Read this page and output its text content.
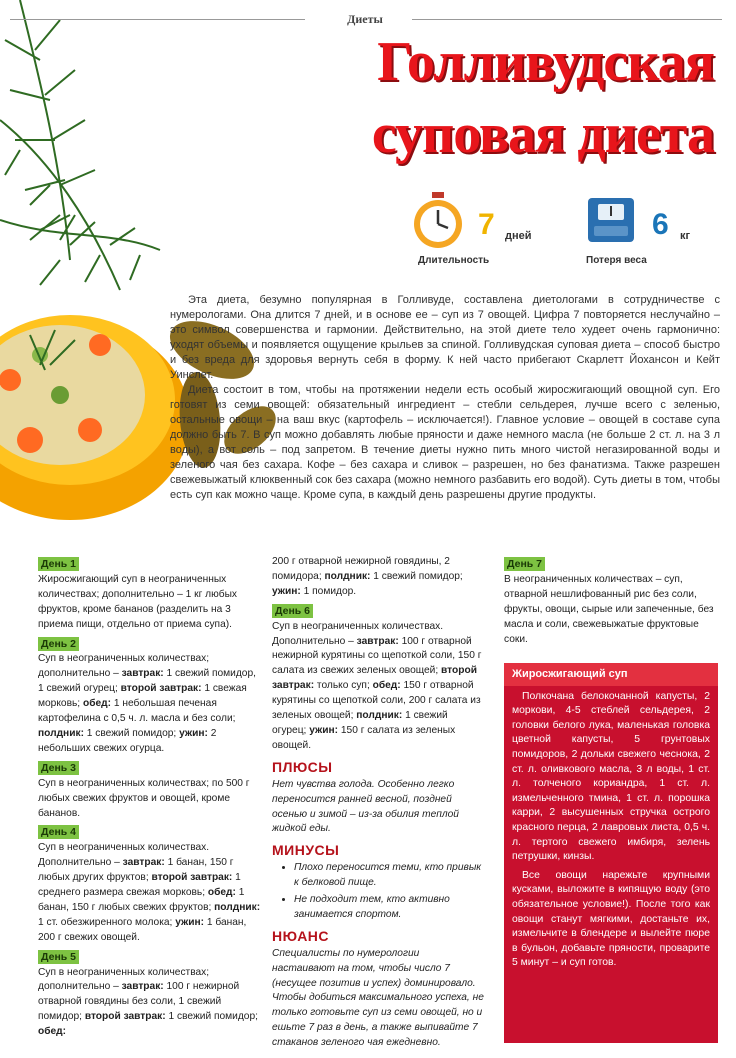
Диеты
Голливудская
суповая диета
7 дней
Длительность
6 кг
Потеря веса

Эта диета, безумно популярная в Голливуде, составлена диетологами в сотрудничестве с нумерологами. Она длится 7 дней, и в основе ее – суп из 7 овощей. Цифра 7 повторяется неслучайно – это символ совершенства и гармонии. Действительно, на этой диете тело худеет очень гармонично: уходят объемы и появляется ощущение крыльев за спиной. Голливудская суповая диета – способ быстро и без вреда для здоровья вернуть себя в форму. К ней часто прибегают Скарлетт Йохансон и Кейт Уинслет.

Диета состоит в том, чтобы на протяжении недели есть особый жиросжигающий овощной суп. Его готовят из семи овощей: обязательный ингредиент – стебли сельдерея, лучше всего с зеленью, остальные овощи – на ваш вкус (картофель – исключается!). Главное условие – овощей в составе супа должно быть 7. В суп можно добавлять любые пряности и даже немного масла (не больше 2 ст. л. на 3 л воды), а вот соль – под запретом. В течение диеты нужно пить много чистой негазированной воды и зеленого чая без сахара. Кофе – без сахара и сливок – разрешен, но без фанатизма. Также разрешен свежевыжатый клюквенный сок без сахара (можно немного разбавить его водой). Суть диеты в том, чтобы есть суп как можно чаще. Кроме супа, в каждый день разрешены другие продукты.

День 1

Жиросжигающий суп в неограниченных количествах; дополнительно – 1 кг любых фруктов, кроме бананов (разделить на 3 приема пищи, отдельно от приема супа).

День 2

Суп в неограниченных количествах; дополнительно – завтрак: 1 свежий помидор, 1 свежий огурец; второй завтрак: 1 свежая морковь; обед: 1 небольшая печеная картофелина с 0,5 ч. л. масла и без соли; полдник: 1 свежий помидор; ужин: 2 небольших свежих огурца.

День 3

Суп в неограниченных количествах; по 500 г любых свежих фруктов и овощей, кроме бананов.

День 4

Суп в неограниченных количествах. Дополнительно – завтрак: 1 банан, 150 г любых других фруктов; второй завтрак: 1 среднего размера свежая морковь; обед: 1 банан, 150 г любых свежих фруктов; полдник: 1 ст. обезжиренного молока; ужин: 1 банан, 200 г свежих овощей.

День 5

Суп в неограниченных количествах; дополнительно – завтрак: 100 г нежирной отварной говядины без соли, 1 свежий помидор; второй завтрак: 1 свежий помидор; обед:

200 г отварной нежирной говядины, 2 помидора; полдник: 1 свежий помидор; ужин: 1 помидор.

День 6

Суп в неограниченных количествах. Дополнительно – завтрак: 100 г отварной нежирной курятины со щепоткой соли, 150 г салата из свежих зеленых овощей; второй завтрак: только суп; обед: 150 г отварной курятины со щепоткой соли, 200 г салата из зеленых овощей; полдник: 1 свежий огурец; ужин: 150 г салата из зеленых овощей.

ПЛЮСЫ

Нет чувства голода. Особенно легко переносится ранней весной, поздней осенью и зимой – из-за обилия теплой жидкой еды.

МИНУСЫ
• Плохо переносится теми, кто привык к белковой пище.
• Не подходит тем, кто активно занимается спортом.
НЮАНС

Специалисты по нумерологии настаивают на том, чтобы число 7 (несущее позитив и успех) доминировало. Чтобы добиться максимального успеха, не только готовьте суп из семи овощей, но и ешьте 7 раз в день, а также выпивайте 7 стаканов зеленого чая ежедневно.

День 7

В неограниченных количествах – суп, отварной нешлифованный рис без соли, фрукты, овощи, сырые или запеченные, без масла и соли, свежевыжатые фруктовые соки.

Жиросжигающий суп

Полкочана белокочанной капусты, 2 моркови, 4-5 стеблей сельдерея, 2 головки белого лука, маленькая головка цветной капусты, 5 грунтовых помидоров, 2 дольки свежего чеснока, 2 ст. л. оливкового масла, 3 л воды, 1 ст. л. толченого кориандра, 1 ст. л. измельченного тмина, 1 ст. л. порошка карри, 2 высушенных стручка острого красного перца, 2 лавровых листа, 0,5 ч. л. тертого свежего имбиря, зелень петрушки, кинзы.

Все овощи нарежьте крупными кусками, выложите в кипящую воду (это обязательное условие!). После того как овощи станут мягкими, достаньте их, измельчите в блендере и вылейте пюре в бульон, добавьте пряности, проварите 5 минут – и суп готов.
